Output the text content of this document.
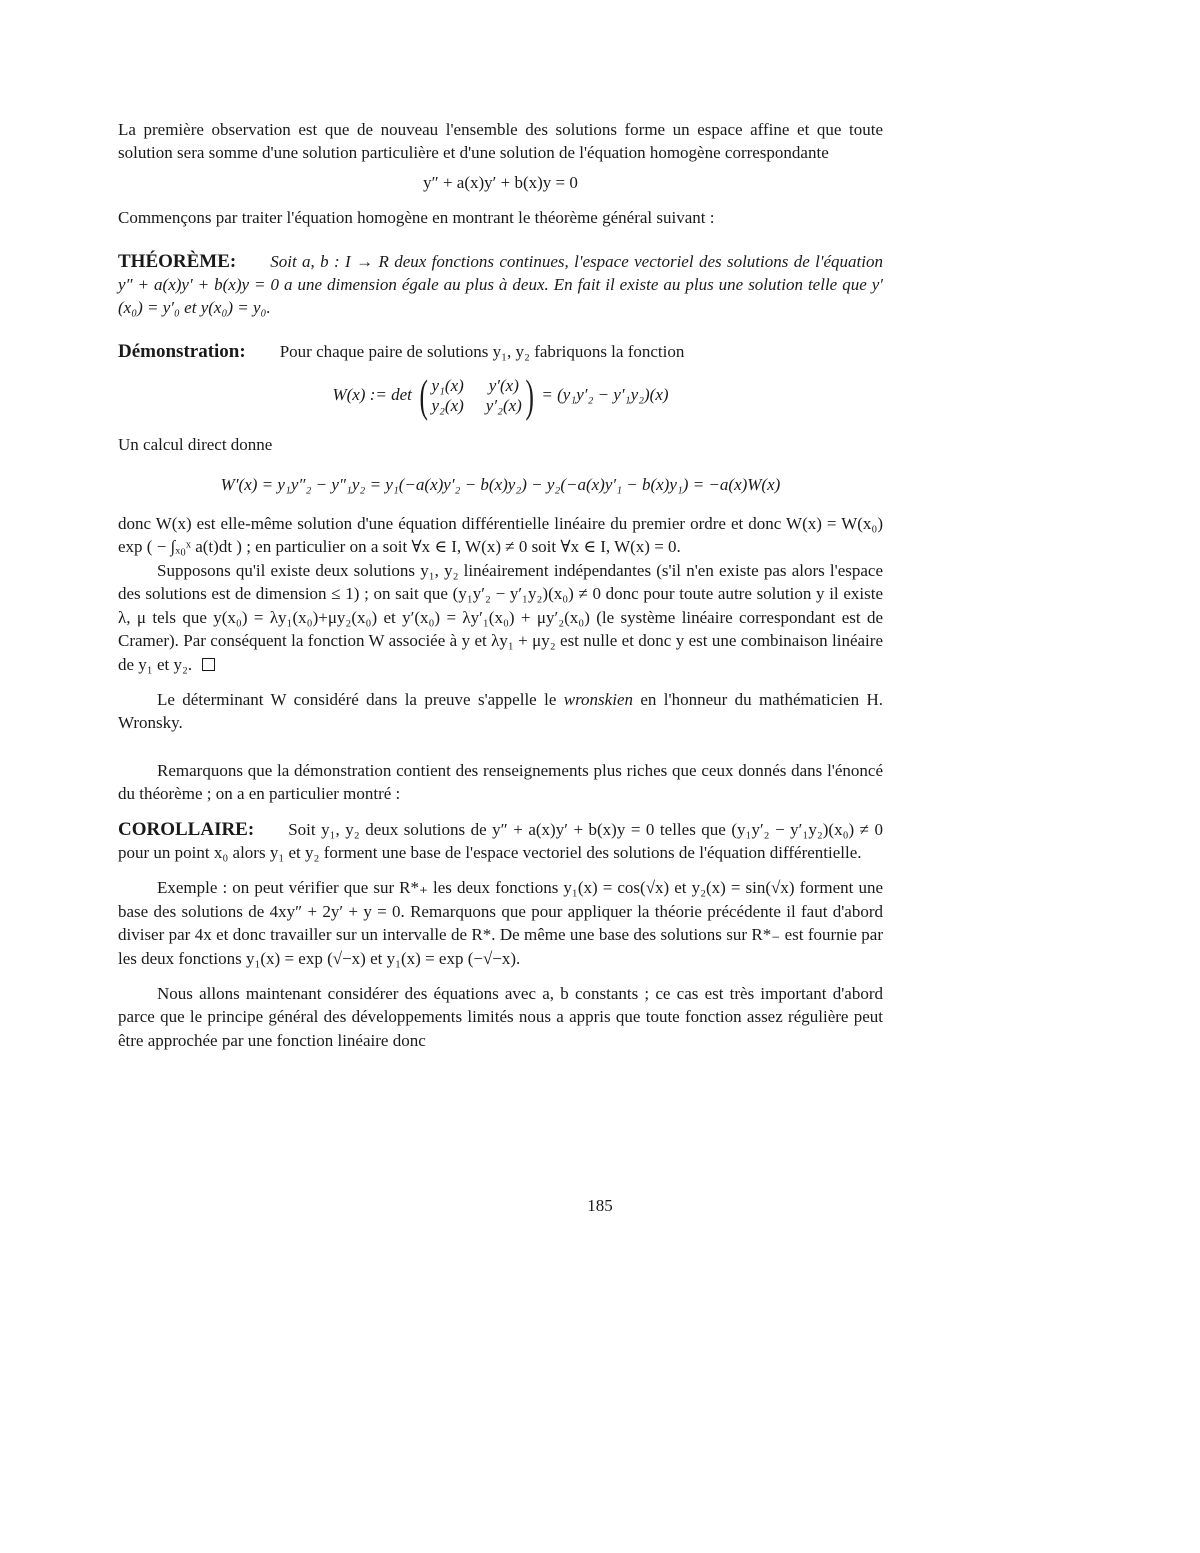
La première observation est que de nouveau l'ensemble des solutions forme un espace affine et que toute solution sera somme d'une solution particulière et d'une solution de l'équation homogène correspondante

y″ + a(x)y′ + b(x)y = 0

Commençons par traiter l'équation homogène en montrant le théorème général suivant :

THÉORÈME: Soit a, b : I → R deux fonctions continues, l'espace vectoriel des solutions de l'équation y″ + a(x)y′ + b(x)y = 0 a une dimension égale au plus à deux. En fait il existe au plus une solution telle que y′(x₀) = y′₀ et y(x₀) = y₀.

Démonstration: Pour chaque paire de solutions y₁, y₂ fabriquons la fonction

W(x) := det ( y₁(x) y′(x)
y₂(x) y′₂(x) ) = (y₁y′₂ − y′₁y₂)(x)

Un calcul direct donne

W′(x) = y₁y″₂ − y″₁y₂ = y₁(−a(x)y′₂ − b(x)y₂) − y₂(−a(x)y′₁ − b(x)y₁) = −a(x)W(x)

donc W(x) est elle-même solution d'une équation différentielle linéaire du premier ordre et donc W(x) = W(x₀) exp ( − ∫ₓ₀ˣ a(t)dt ) ; en particulier on a soit ∀x ∈ I, W(x) ≠ 0 soit ∀x ∈ I, W(x) = 0.

Supposons qu'il existe deux solutions y₁, y₂ linéairement indépendantes (s'il n'en existe pas alors l'espace des solutions est de dimension ≤ 1) ; on sait que (y₁y′₂ − y′₁y₂)(x₀) ≠ 0 donc pour toute autre solution y il existe λ, μ tels que y(x₀) = λy₁(x₀)+μy₂(x₀) et y′(x₀) = λy′₁(x₀) + μy′₂(x₀) (le système linéaire correspondant est de Cramer). Par conséquent la fonction W associée à y et λy₁ + μy₂ est nulle et donc y est une combinaison linéaire de y₁ et y₂.

Le déterminant W considéré dans la preuve s'appelle le wronskien en l'honneur du mathématicien H. Wronsky.

Remarquons que la démonstration contient des renseignements plus riches que ceux donnés dans l'énoncé du théorème ; on a en particulier montré :

COROLLAIRE: Soit y₁, y₂ deux solutions de y″ + a(x)y′ + b(x)y = 0 telles que (y₁y′₂ − y′₁y₂)(x₀) ≠ 0 pour un point x₀ alors y₁ et y₂ forment une base de l'espace vectoriel des solutions de l'équation différentielle.

Exemple : on peut vérifier que sur R*₊ les deux fonctions y₁(x) = cos(√x) et y₂(x) = sin(√x) forment une base des solutions de 4xy″ + 2y′ + y = 0. Remarquons que pour appliquer la théorie précédente il faut d'abord diviser par 4x et donc travailler sur un intervalle de R*. De même une base des solutions sur R*₋ est fournie par les deux fonctions y₁(x) = exp (√−x) et y₁(x) = exp (−√−x).

Nous allons maintenant considérer des équations avec a, b constants ; ce cas est très important d'abord parce que le principe général des développements limités nous a appris que toute fonction assez régulière peut être approchée par une fonction linéaire donc

185
